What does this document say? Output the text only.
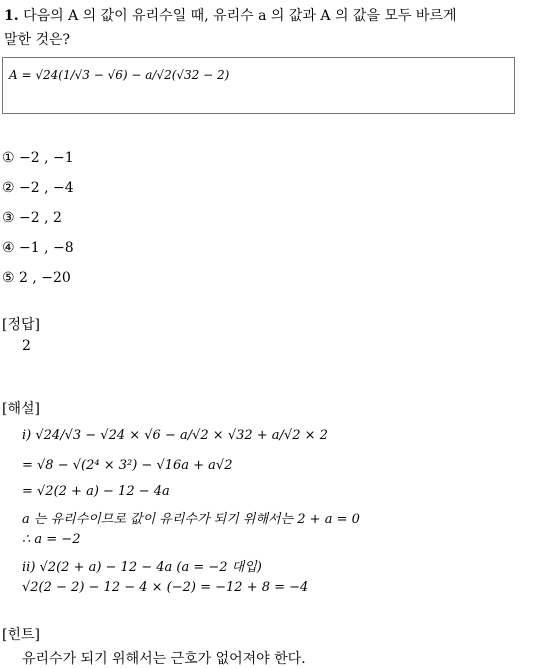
1. 다음의 A 의 값이 유리수일 때, 유리수 a 의 값과 A 의 값을 모두 바르게
말한 것은?
A = √24(1/√3 − √6) − a/√2(√32 − 2)
① −2 , −1
② −2 , −4
③ −2 , 2
④ −1 , −8
⑤ 2 , −20
[정답]
2
[해설]
i) √24/√3 − √24 × √6 − a/√2 × √32 + a/√2 × 2
= √8 − √(2⁴ × 3²) − √16a + a√2
= √2(2 + a) − 12 − 4a
a 는 유리수이므로 값이 유리수가 되기 위해서는 2 + a = 0
∴ a = −2
ii) √2(2 + a) − 12 − 4a (a = −2 대입)
√2(2 − 2) − 12 − 4 × (−2) = −12 + 8 = −4
[힌트]
유리수가 되기 위해서는 근호가 없어져야 한다.
